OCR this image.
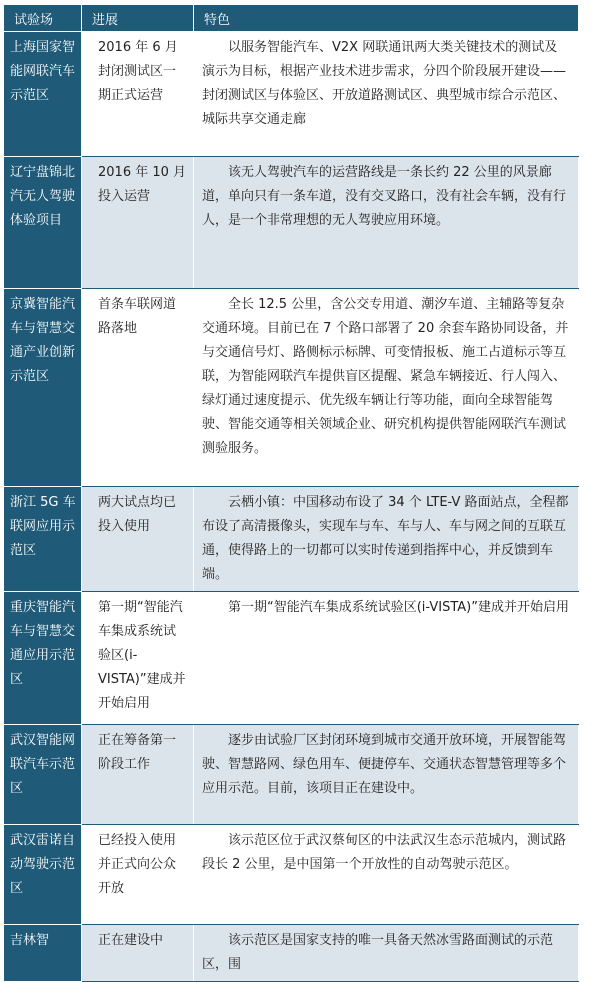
试验场	进展	特色
上海国家智能网联汽车示范区	2016 年 6 月封闭测试区一期正式运营	以服务智能汽车、V2X 网联通讯两大类关键技术的测试及演示为目标，根据产业技术进步需求，分四个阶段展开建设——封闭测试区与体验区、开放道路测试区、典型城市综合示范区、城际共享交通走廊
辽宁盘锦北汽无人驾驶体验项目	2016 年 10 月投入运营	该无人驾驶汽车的运营路线是一条长约 22 公里的风景廊道，单向只有一条车道，没有交叉路口，没有社会车辆，没有行人，是一个非常理想的无人驾驶应用环境。
京冀智能汽车与智慧交通产业创新示范区	首条车联网道路落地	全长 12.5 公里，含公交专用道、潮汐车道、主辅路等复杂交通环境。目前已在 7 个路口部署了 20 余套车路协同设备，并与交通信号灯、路侧标示标牌、可变情报板、施工占道标示等互联，为智能网联汽车提供盲区提醒、紧急车辆接近、行人闯入、绿灯通过速度提示、优先级车辆让行等功能，面向全球智能驾驶、智能交通等相关领域企业、研究机构提供智能网联汽车测试测验服务。
浙江 5G 车联网应用示范区	两大试点均已投入使用	云栖小镇：中国移动布设了 34 个 LTE-V 路面站点，全程都布设了高清摄像头，实现车与车、车与人、车与网之间的互联互通，使得路上的一切都可以实时传递到指挥中心，并反馈到车端。
重庆智能汽车与智慧交通应用示范区	第一期“智能汽车集成系统试验区(i-VISTA)”建成并开始启用	第一期“智能汽车集成系统试验区(i-VISTA)”建成并开始启用
武汉智能网联汽车示范区	正在筹备第一阶段工作	逐步由试验厂区封闭环境到城市交通开放环境，开展智能驾驶、智慧路网、绿色用车、便捷停车、交通状态智慧管理等多个应用示范。目前，该项目正在建设中。
武汉雷诺自动驾驶示范区	已经投入使用并正式向公众开放	该示范区位于武汉蔡甸区的中法武汉生态示范城内，测试路段长 2 公里，是中国第一个开放性的自动驾驶示范区。
吉林智	正在建设中	该示范区是国家支持的唯一具备天然冰雪路面测试的示范区，围
